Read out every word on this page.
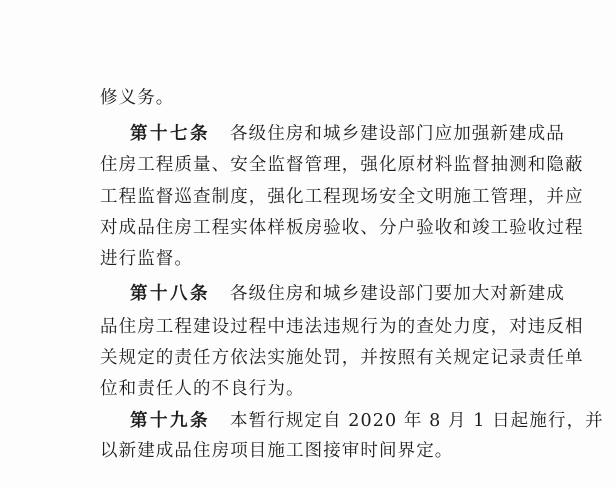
修义务。
第十七条 各级住房和城乡建设部门应加强新建成品
住房工程质量、安全监督管理，强化原材料监督抽测和隐蔽
工程监督巡查制度，强化工程现场安全文明施工管理，并应
对成品住房工程实体样板房验收、分户验收和竣工验收过程
进行监督。
第十八条 各级住房和城乡建设部门要加大对新建成
品住房工程建设过程中违法违规行为的查处力度，对违反相
关规定的责任方依法实施处罚，并按照有关规定记录责任单
位和责任人的不良行为。
第十九条 本暂行规定自 2020 年 8 月 1 日起施行，并
以新建成品住房项目施工图接审时间界定。
